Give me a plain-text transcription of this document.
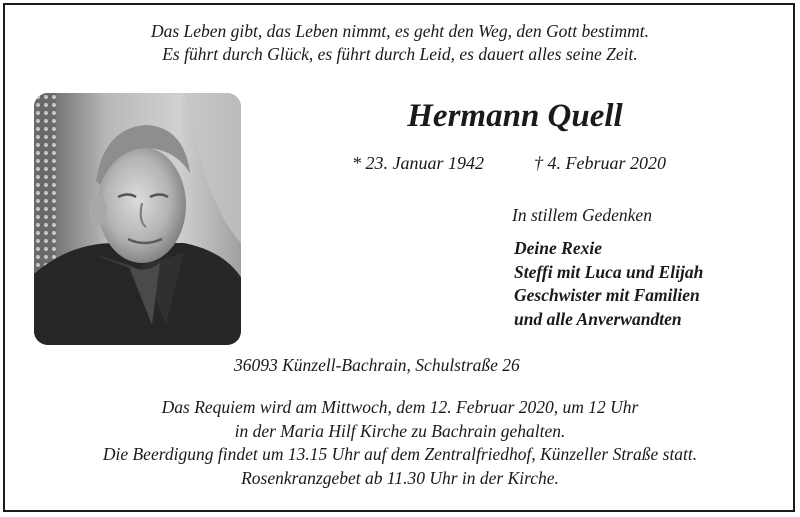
Das Leben gibt, das Leben nimmt, es geht den Weg, den Gott bestimmt.
Es führt durch Glück, es führt durch Leid, es dauert alles seine Zeit.
Hermann Quell
* 23. Januar 1942	† 4. Februar 2020
In stillem Gedenken
Deine Rexie
Steffi mit Luca und Elijah
Geschwister mit Familien
und alle Anverwandten
36093 Künzell-Bachrain, Schulstraße 26
Das Requiem wird am Mittwoch, dem 12. Februar 2020, um 12 Uhr
in der Maria Hilf Kirche zu Bachrain gehalten.
Die Beerdigung findet um 13.15 Uhr auf dem Zentralfriedhof, Künzeller Straße statt.
Rosenkranzgebet ab 11.30 Uhr in der Kirche.
